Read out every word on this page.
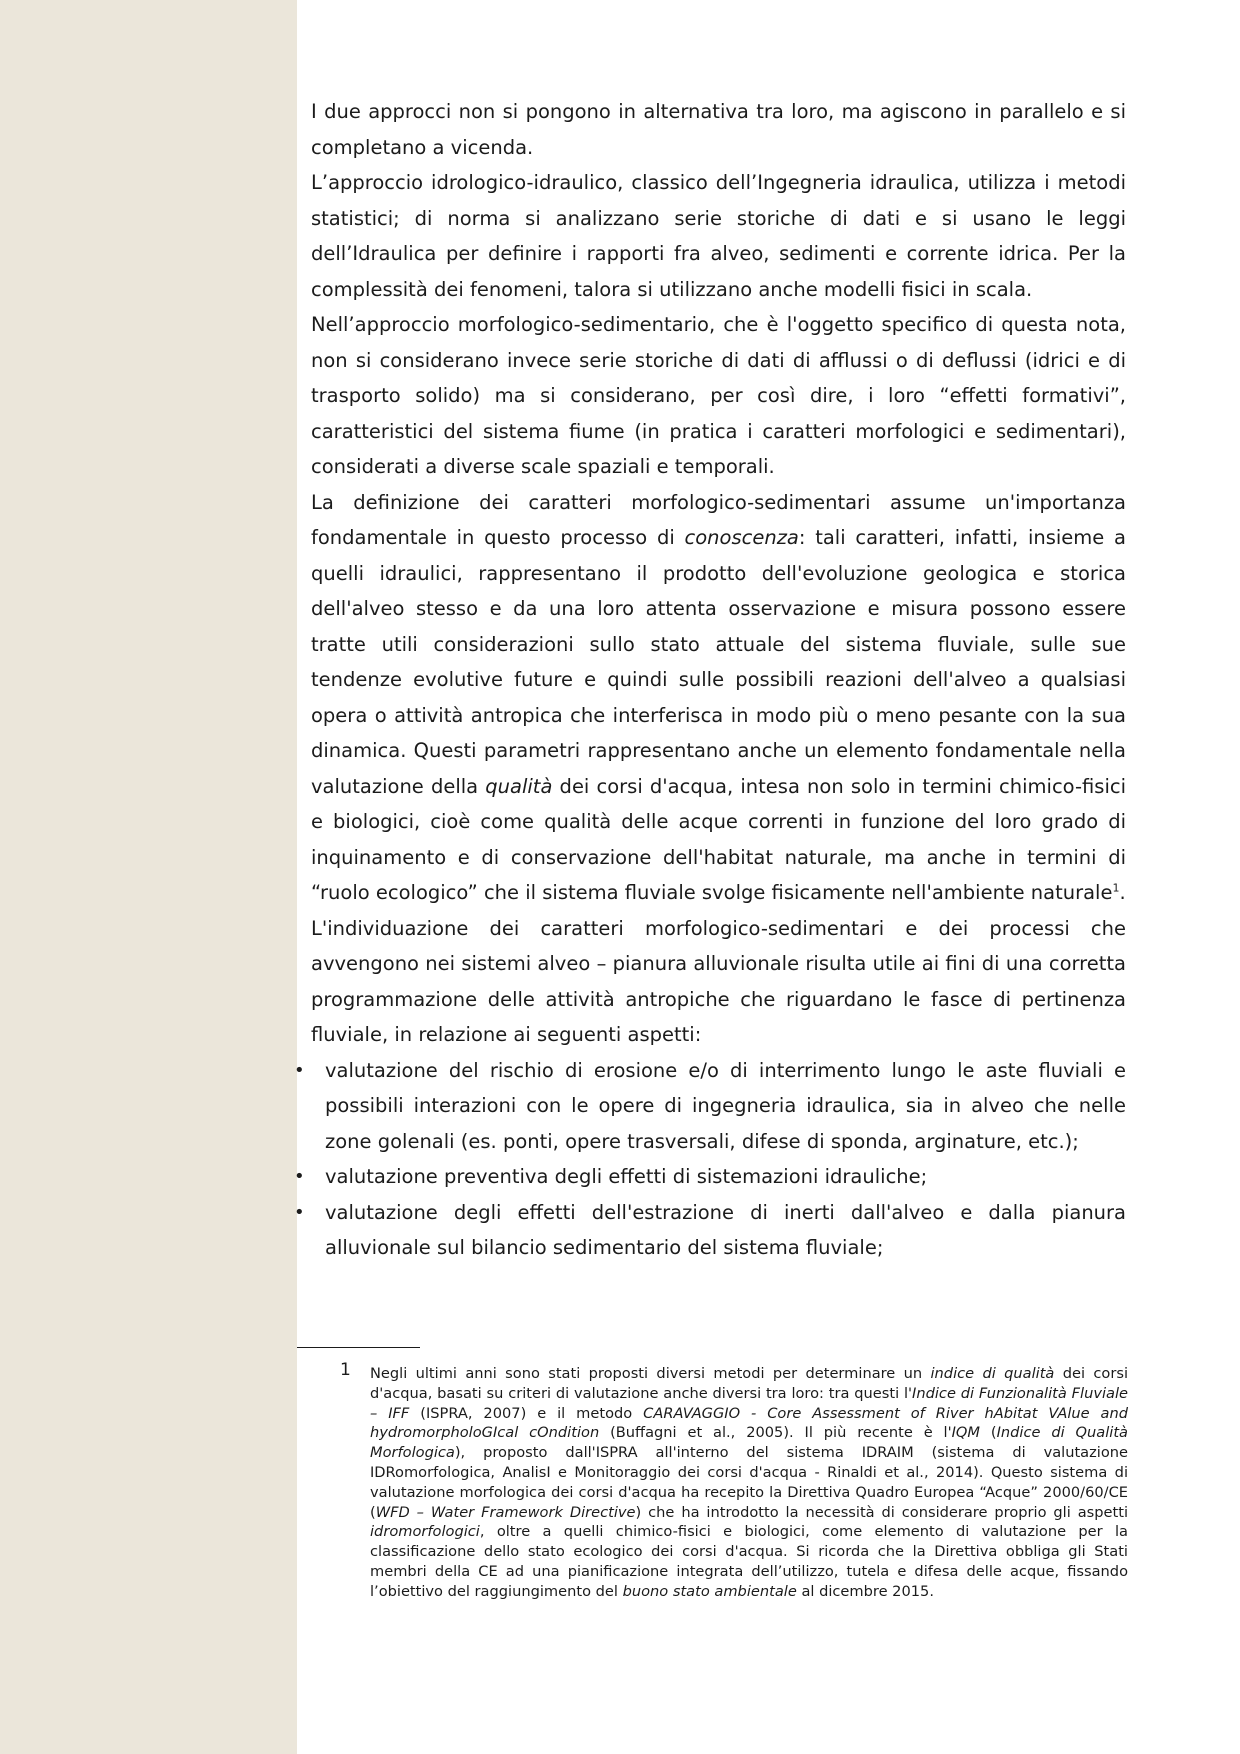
I due approcci non si pongono in alternativa tra loro, ma agiscono in parallelo e si completano a vicenda.

L’approccio idrologico-idraulico, classico dell’Ingegneria idraulica, utilizza i metodi statistici; di norma si analizzano serie storiche di dati e si usano le leggi dell’Idraulica per definire i rapporti fra alveo, sedimenti e corrente idrica. Per la complessità dei fenomeni, talora si utilizzano anche modelli fisici in scala.

Nell’approccio morfologico-sedimentario, che è l'oggetto specifico di questa nota, non si considerano invece serie storiche di dati di afflussi o di deflussi (idrici e di trasporto solido) ma si considerano, per così dire, i loro “effetti formativi”, caratteristici del sistema fiume (in pratica i caratteri morfologici e sedimentari), considerati a diverse scale spaziali e temporali.

La definizione dei caratteri morfologico-sedimentari assume un'importanza fondamentale in questo processo di conoscenza: tali caratteri, infatti, insieme a quelli idraulici, rappresentano il prodotto dell'evoluzione geologica e storica dell'alveo stesso e da una loro attenta osservazione e misura possono essere tratte utili considerazioni sullo stato attuale del sistema fluviale, sulle sue tendenze evolutive future e quindi sulle possibili reazioni dell'alveo a qualsiasi opera o attività antropica che interferisca in modo più o meno pesante con la sua dinamica. Questi parametri rappresentano anche un elemento fondamentale nella valutazione della qualità dei corsi d'acqua, intesa non solo in termini chimico-fisici e biologici, cioè come qualità delle acque correnti in funzione del loro grado di inquinamento e di conservazione dell'habitat naturale, ma anche in termini di “ruolo ecologico” che il sistema fluviale svolge fisicamente nell'ambiente naturale$^1$.

L'individuazione dei caratteri morfologico-sedimentari e dei processi che avvengono nei sistemi alveo – pianura alluvionale risulta utile ai fini di una corretta programmazione delle attività antropiche che riguardano le fasce di pertinenza fluviale, in relazione ai seguenti aspetti:

• valutazione del rischio di erosione e/o di interrimento lungo le aste fluviali e possibili interazioni con le opere di ingegneria idraulica, sia in alveo che nelle zone golenali (es. ponti, opere trasversali, difese di sponda, arginature, etc.);
• valutazione preventiva degli effetti di sistemazioni idrauliche;
• valutazione degli effetti dell'estrazione di inerti dall'alveo e dalla pianura alluvionale sul bilancio sedimentario del sistema fluviale;
1 Negli ultimi anni sono stati proposti diversi metodi per determinare un indice di qualità dei corsi d'acqua, basati su criteri di valutazione anche diversi tra loro: tra questi l'Indice di Funzionalità Fluviale – IFF (ISPRA, 2007) e il metodo CARAVAGGIO - Core Assessment of River hAbitat VAlue and hydromorpholoGIcal cOndition (Buffagni et al., 2005). Il più recente è l'IQM (Indice di Qualità Morfologica), proposto dall'ISPRA all'interno del sistema IDRAIM (sistema di valutazione IDRomorfologica, AnalisI e Monitoraggio dei corsi d'acqua - Rinaldi et al., 2014). Questo sistema di valutazione morfologica dei corsi d'acqua ha recepito la Direttiva Quadro Europea “Acque” 2000/60/CE (WFD – Water Framework Directive) che ha introdotto la necessità di considerare proprio gli aspetti idromorfologici, oltre a quelli chimico-fisici e biologici, come elemento di valutazione per la classificazione dello stato ecologico dei corsi d'acqua. Si ricorda che la Direttiva obbliga gli Stati membri della CE ad una pianificazione integrata dell’utilizzo, tutela e difesa delle acque, fissando l’obiettivo del raggiungimento del buono stato ambientale al dicembre 2015.
